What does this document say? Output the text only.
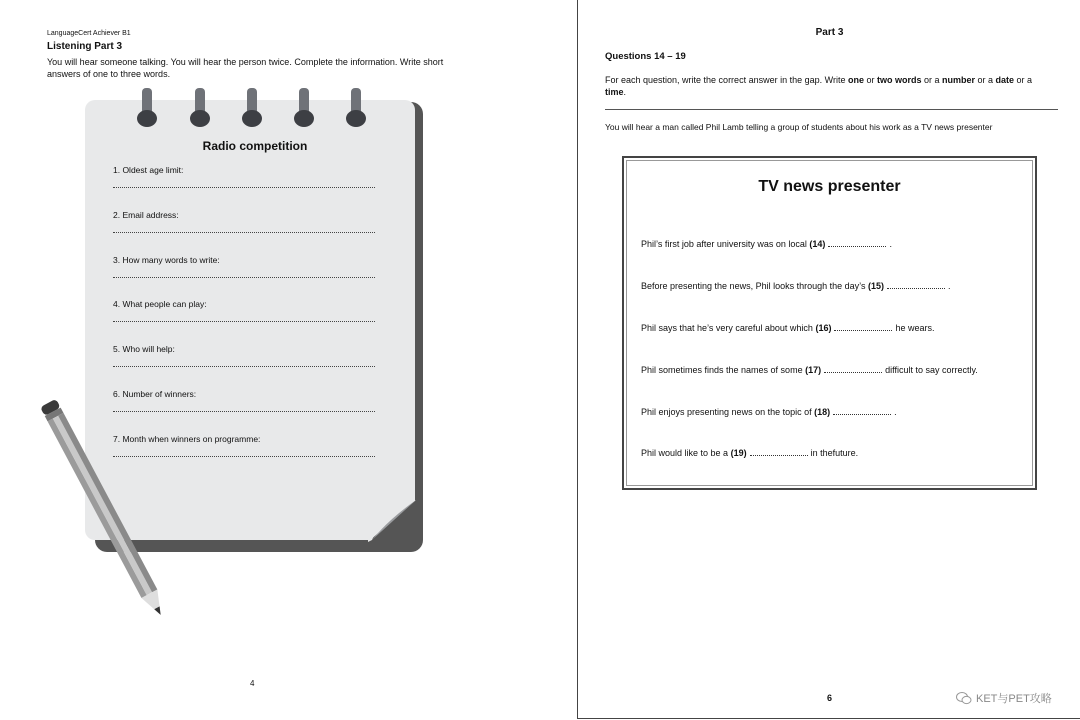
LanguageCert Achiever B1
Listening Part 3
You will hear someone talking. You will hear the person twice. Complete the information. Write short answers of one to three words.
Radio competition
1. Oldest age limit:
2. Email address:
3. How many words to write:
4. What people can play:
5. Who will help:
6. Number of winners:
7. Month when winners on programme:
4
Part 3
Questions 14 – 19
For each question, write the correct answer in the gap. Write one or two words or a number or a date or a time.
You will hear a man called Phil Lamb telling a group of students about his work as a TV news presenter
TV news presenter
Phil’s first job after university was on local (14)	.
Before presenting the news, Phil looks through the day’s (15)	.
Phil says that he’s very careful about which (16)	he wears.
Phil sometimes finds the names of some (17)	difficult to say correctly.
Phil enjoys presenting news on the topic of (18)	.
Phil would like to be a (19)	in thefuture.
6	KET与PET攻略
